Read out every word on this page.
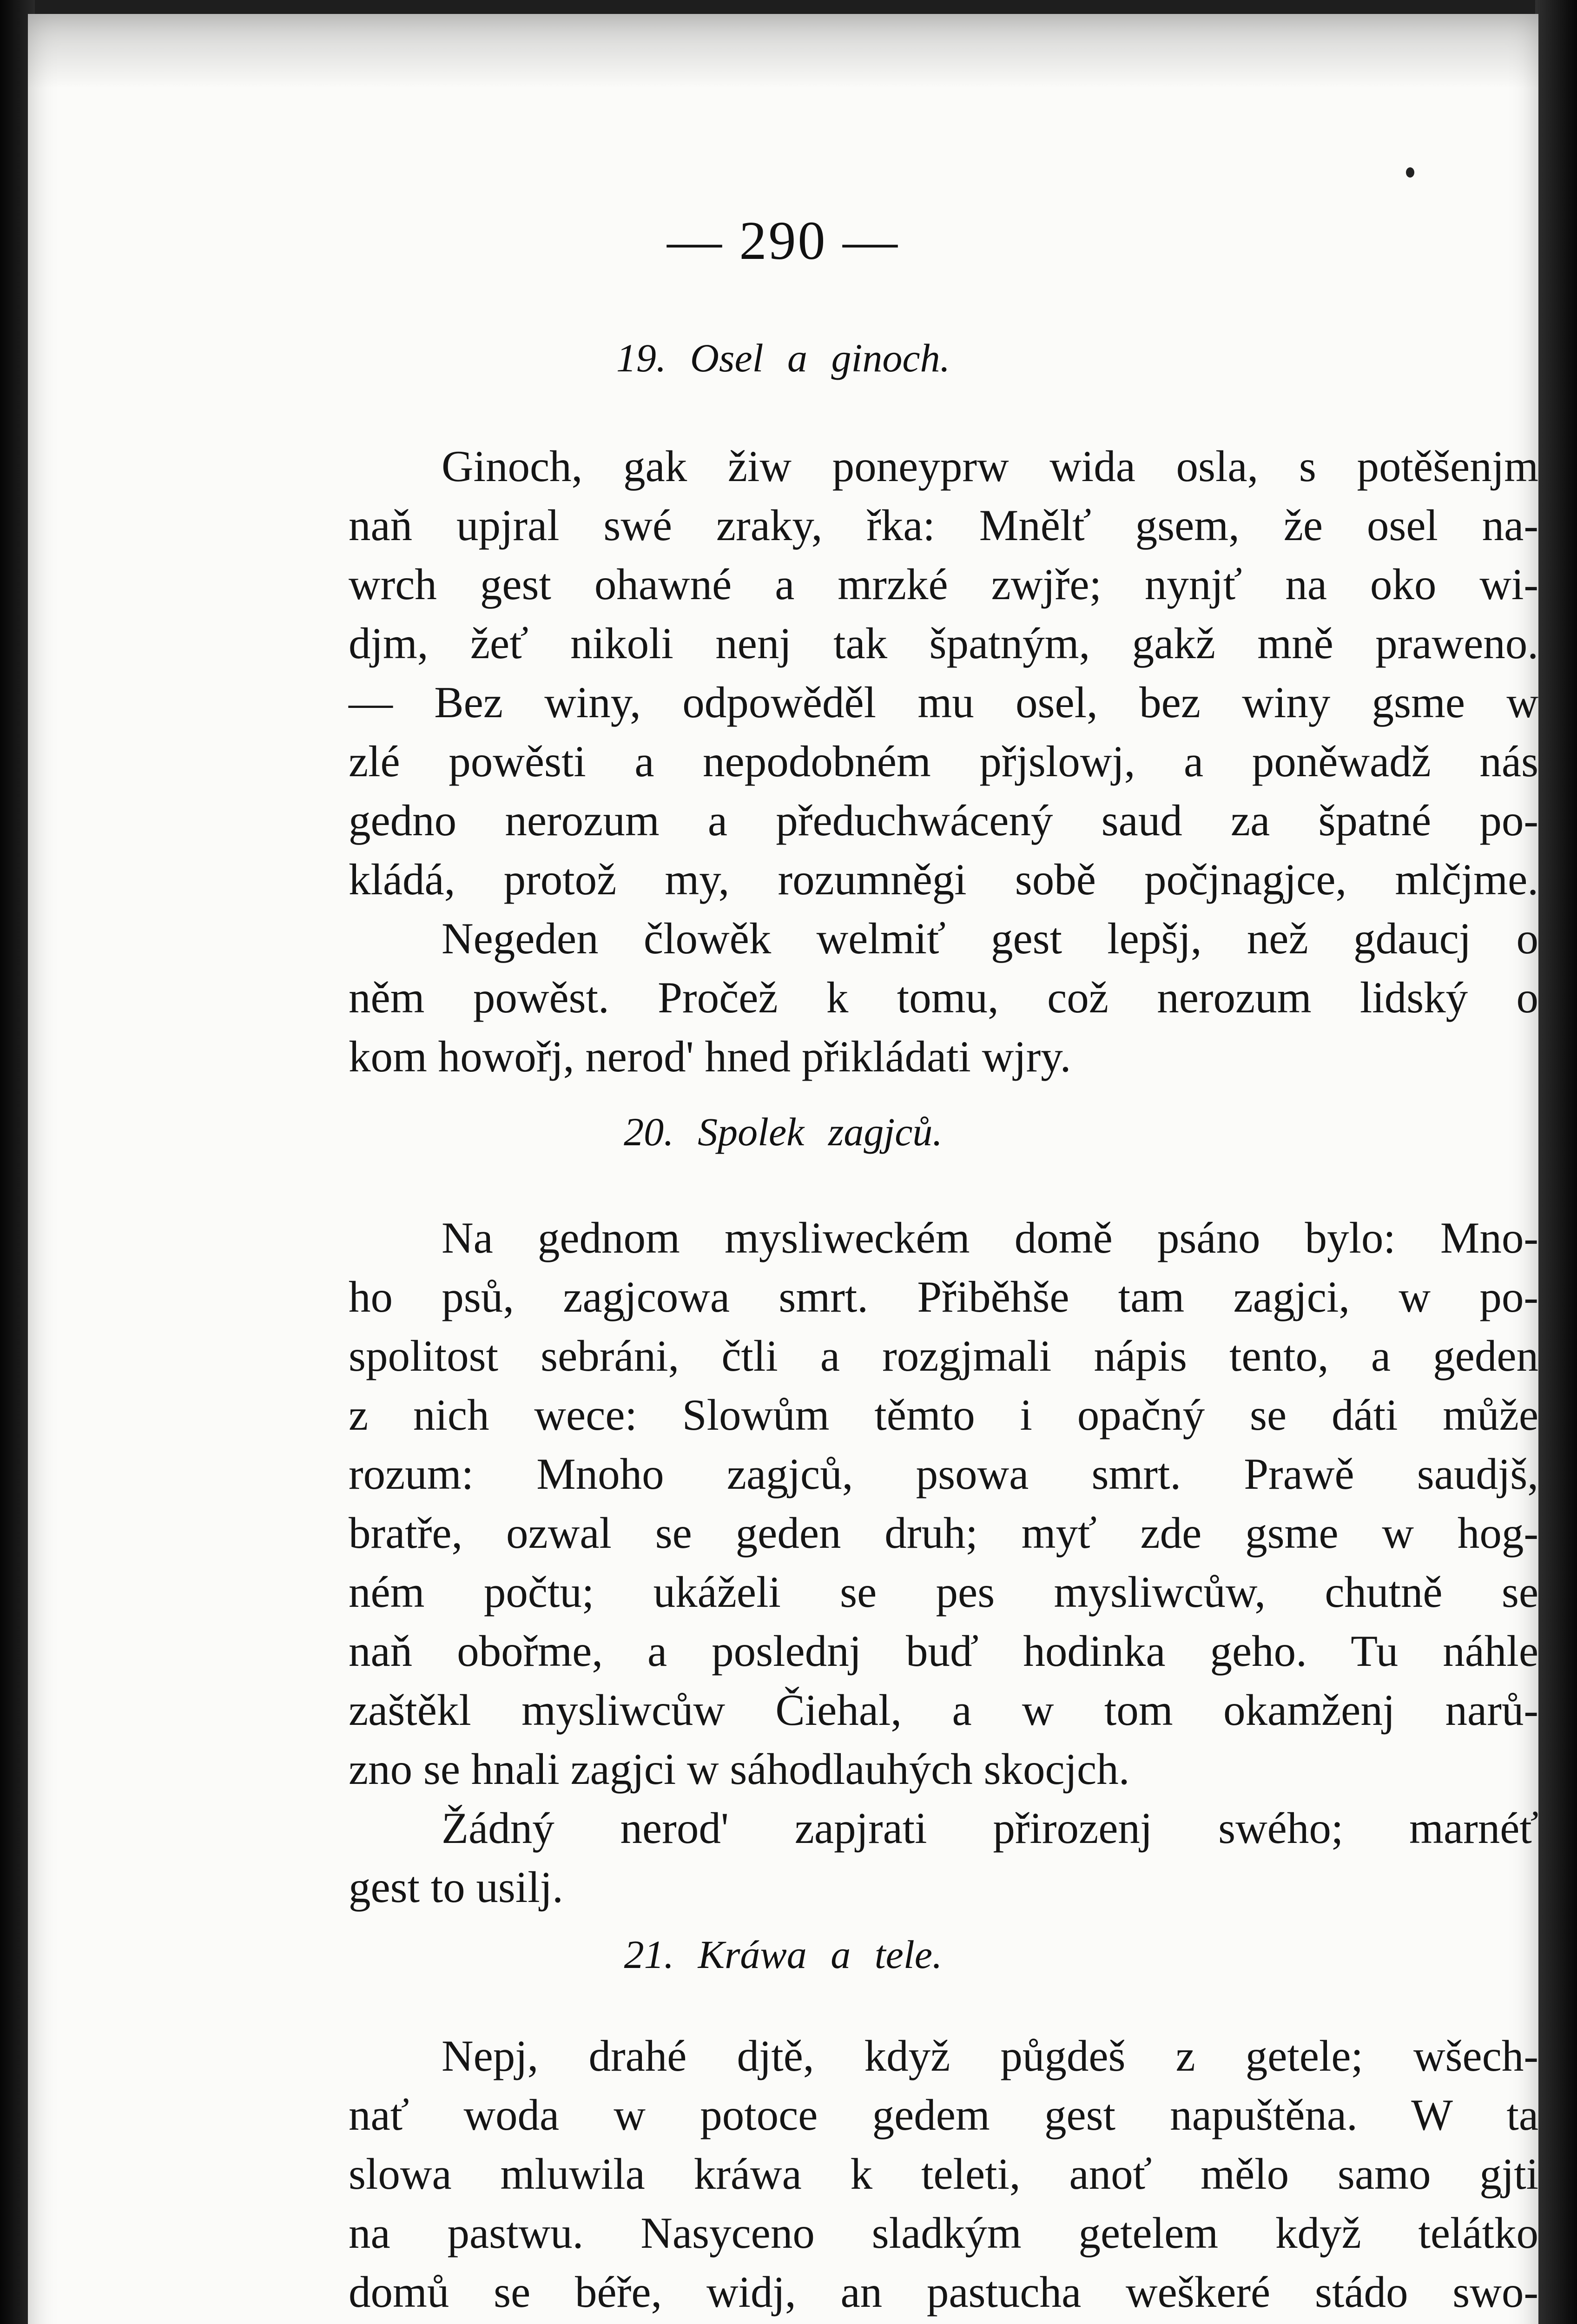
— 290 —
19. Osel a ginoch.
Ginoch, gak žiw poneyprw wida osla, s potěšenjm
naň upjral swé zraky, řka: Mnělť gsem, že osel na-
wrch gest ohawné a mrzké zwjře; nynjť na oko wi-
djm, žeť nikoli nenj tak špatným, gakž mně praweno.
— Bez winy, odpowěděl mu osel, bez winy gsme w
zlé powěsti a nepodobném přjslowj, a poněwadž nás
gedno nerozum a předuchwácený saud za špatné po-
kládá, protož my, rozumněgi sobě počjnagjce, mlčjme.
Negeden člowěk welmiť gest lepšj, než gdaucj o
něm powěst. Pročež k tomu, což nerozum lidský o
kom howořj, nerod' hned přikládati wjry.
20. Spolek zagjců.
Na gednom mysliweckém domě psáno bylo: Mno-
ho psů, zagjcowa smrt. Přiběhše tam zagjci, w po-
spolitost sebráni, čtli a rozgjmali nápis tento, a geden
z nich wece: Slowům těmto i opačný se dáti může
rozum: Mnoho zagjců, psowa smrt. Prawě saudjš,
bratře, ozwal se geden druh; myť zde gsme w hog-
ném počtu; ukáželi se pes myslіwcůw, chutně se
naň obořme, a poslednj buď hodinka geho. Tu náhle
zaštěkl mysliwcůw Čiehal, a w tom okamženj narů-
zno se hnali zagjci w sáhodlauhých skocjch.
Žádný nerod' zapjrati přirozenj swého; marnéť
gest to usilj.
21. Kráwa a tele.
Nepj, drahé djtě, když půgdeš z getele; wšech-
nať woda w potoce gedem gest napuštěna. W ta
slowa mluwila kráwa k teleti, anoť mělo samo gjti
na pastwu. Nasyceno sladkým getelem když telátko
domů se béře, widj, an pastucha weškeré stádo swo-
